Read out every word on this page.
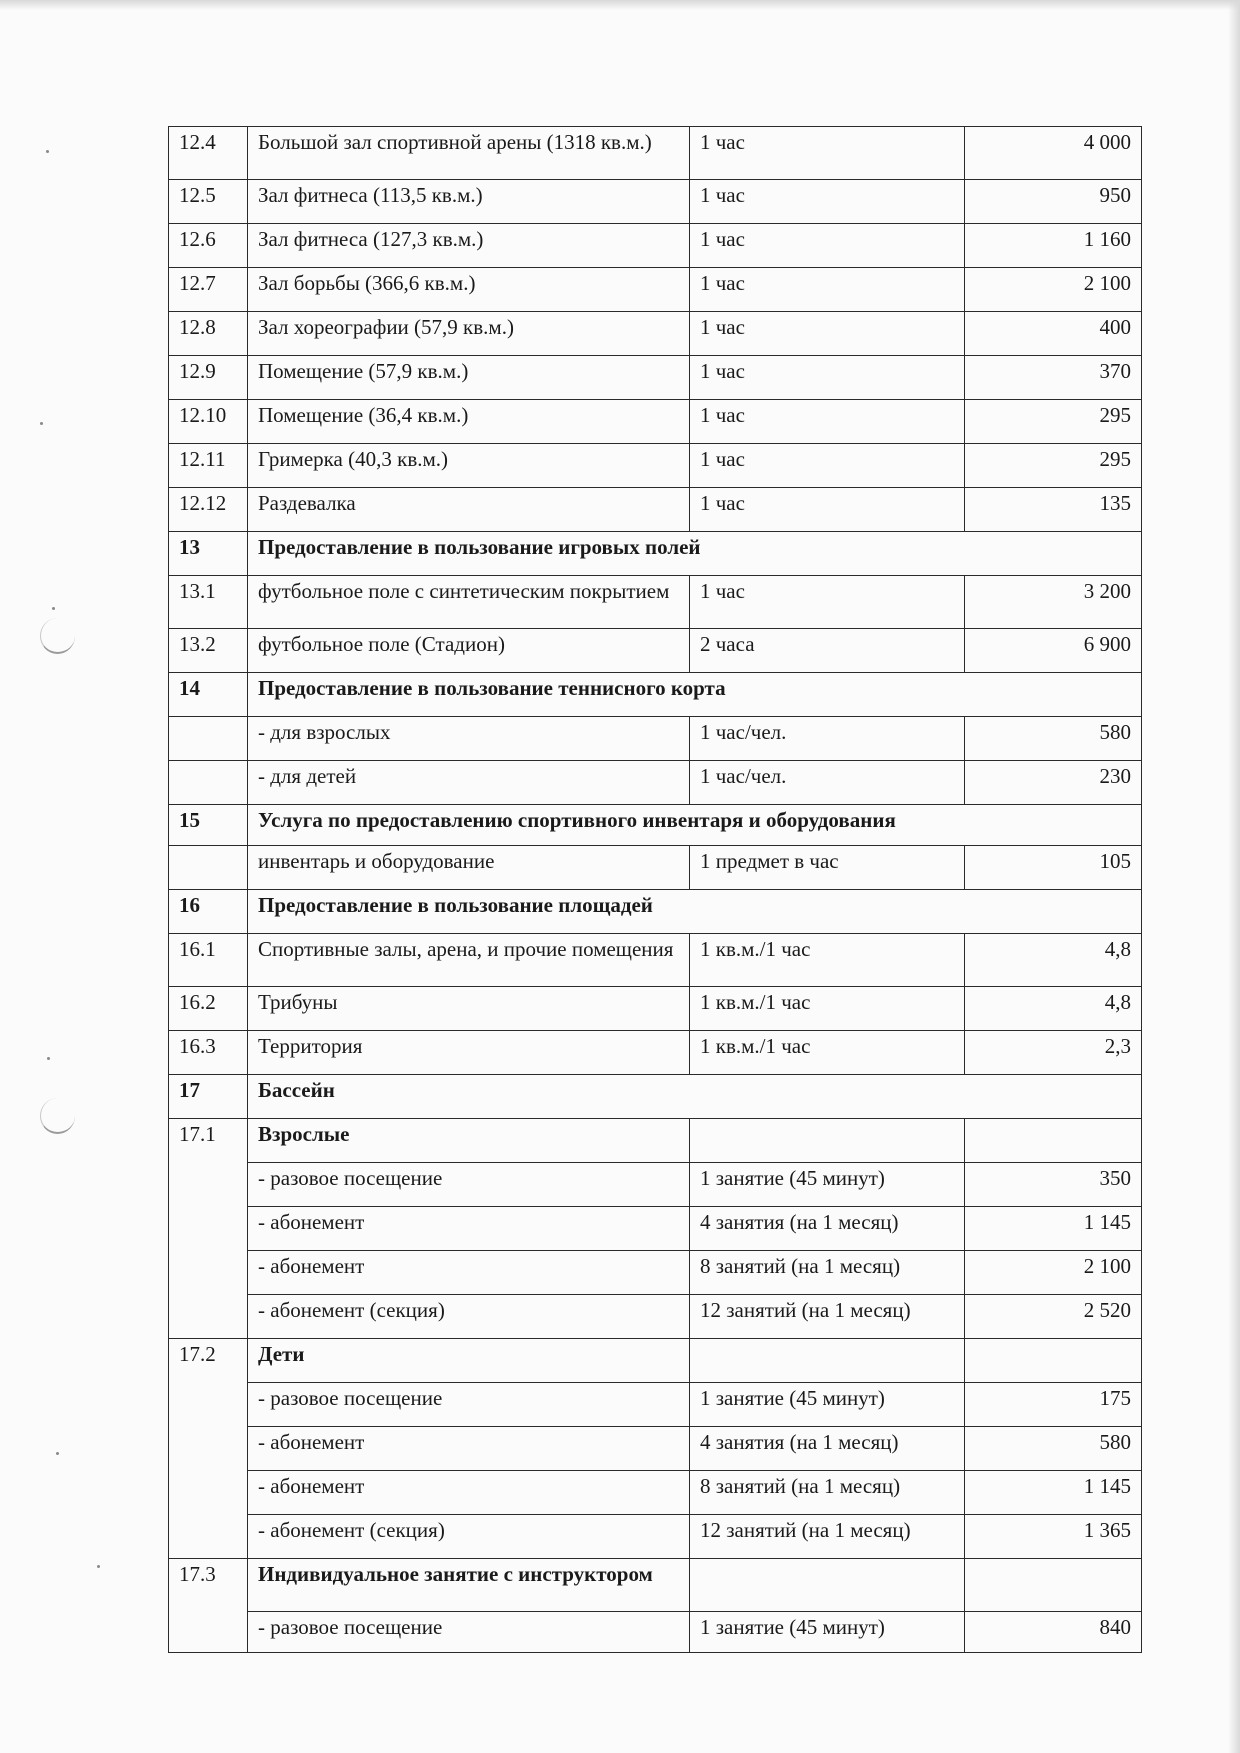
12.4	Большой зал спортивной арены (1318 кв.м.)	1 час	4 000
12.5	Зал фитнеса (113,5 кв.м.)	1 час	950
12.6	Зал фитнеса (127,3 кв.м.)	1 час	1 160
12.7	Зал борьбы (366,6 кв.м.)	1 час	2 100
12.8	Зал хореографии (57,9 кв.м.)	1 час	400
12.9	Помещение (57,9 кв.м.)	1 час	370
12.10	Помещение (36,4 кв.м.)	1 час	295
12.11	Гримерка (40,3 кв.м.)	1 час	295
12.12	Раздевалка	1 час	135
13	Предоставление в пользование игровых полей		
13.1	футбольное поле с синтетическим покрытием	1 час	3 200
13.2	футбольное поле (Стадион)	2 часа	6 900
14	Предоставление в пользование теннисного корта		
	- для взрослых	1 час/чел.	580
	- для детей	1 час/чел.	230
15	Услуга по предоставлению спортивного инвентаря и оборудования		
	инвентарь и оборудование	1 предмет в час	105
16	Предоставление в пользование площадей		
16.1	Спортивные залы, арена, и прочие помещения	1 кв.м./1 час	4,8
16.2	Трибуны	1 кв.м./1 час	4,8
16.3	Территория	1 кв.м./1 час	2,3
17	Бассейн		
17.1	Взрослые		
	- разовое посещение	1 занятие (45 минут)	350
	- абонемент	4 занятия (на 1 месяц)	1 145
	- абонемент	8 занятий (на 1 месяц)	2 100
	- абонемент (секция)	12 занятий (на 1 месяц)	2 520
17.2	Дети		
	- разовое посещение	1 занятие (45 минут)	175
	- абонемент	4 занятия (на 1 месяц)	580
	- абонемент	8 занятий (на 1 месяц)	1 145
	- абонемент (секция)	12 занятий (на 1 месяц)	1 365
17.3	Индивидуальное занятие с инструктором		
	- разовое посещение	1 занятие (45 минут)	840
